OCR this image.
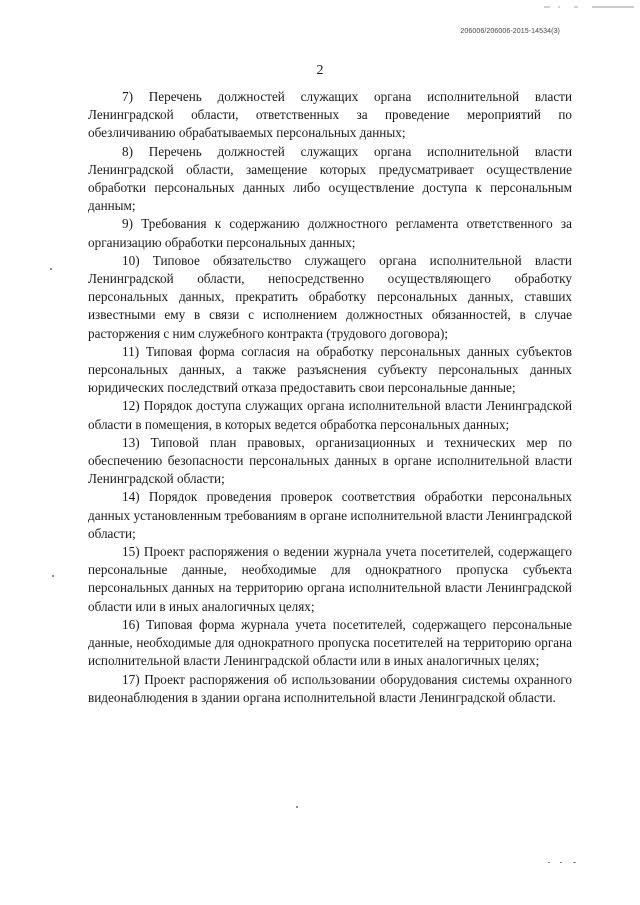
206006/206006-2015-14534(3)
2

7) Перечень должностей служащих органа исполнительной власти Ленинградской области, ответственных за проведение мероприятий по обезличиванию обрабатываемых персональных данных;

8) Перечень должностей служащих органа исполнительной власти Ленинградской области, замещение которых предусматривает осуществление обработки персональных данных либо осуществление доступа к персональным данным;

9) Требования к содержанию должностного регламента ответственного за организацию обработки персональных данных;

10) Типовое обязательство служащего органа исполнительной власти Ленинградской области, непосредственно осуществляющего обработку персональных данных, прекратить обработку персональных данных, ставших известными ему в связи с исполнением должностных обязанностей, в случае расторжения с ним служебного контракта (трудового договора);

11) Типовая форма согласия на обработку персональных данных субъектов персональных данных, а также разъяснения субъекту персональных данных юридических последствий отказа предоставить свои персональные данные;

12) Порядок доступа служащих органа исполнительной власти Ленинградской области в помещения, в которых ведется обработка персональных данных;

13) Типовой план правовых, организационных и технических мер по обеспечению безопасности персональных данных в органе исполнительной власти Ленинградской области;

14) Порядок проведения проверок соответствия обработки персональных данных установленным требованиям в органе исполнительной власти Ленинградской области;

15) Проект распоряжения о ведении журнала учета посетителей, содержащего персональные данные, необходимые для однократного пропуска субъекта персональных данных на территорию органа исполнительной власти Ленинградской области или в иных аналогичных целях;

16) Типовая форма журнала учета посетителей, содержащего персональные данные, необходимые для однократного пропуска посетителей на территорию органа исполнительной власти Ленинградской области или в иных аналогичных целях;

17) Проект распоряжения об использовании оборудования системы охранного видеонаблюдения в здании органа исполнительной власти Ленинградской области.
